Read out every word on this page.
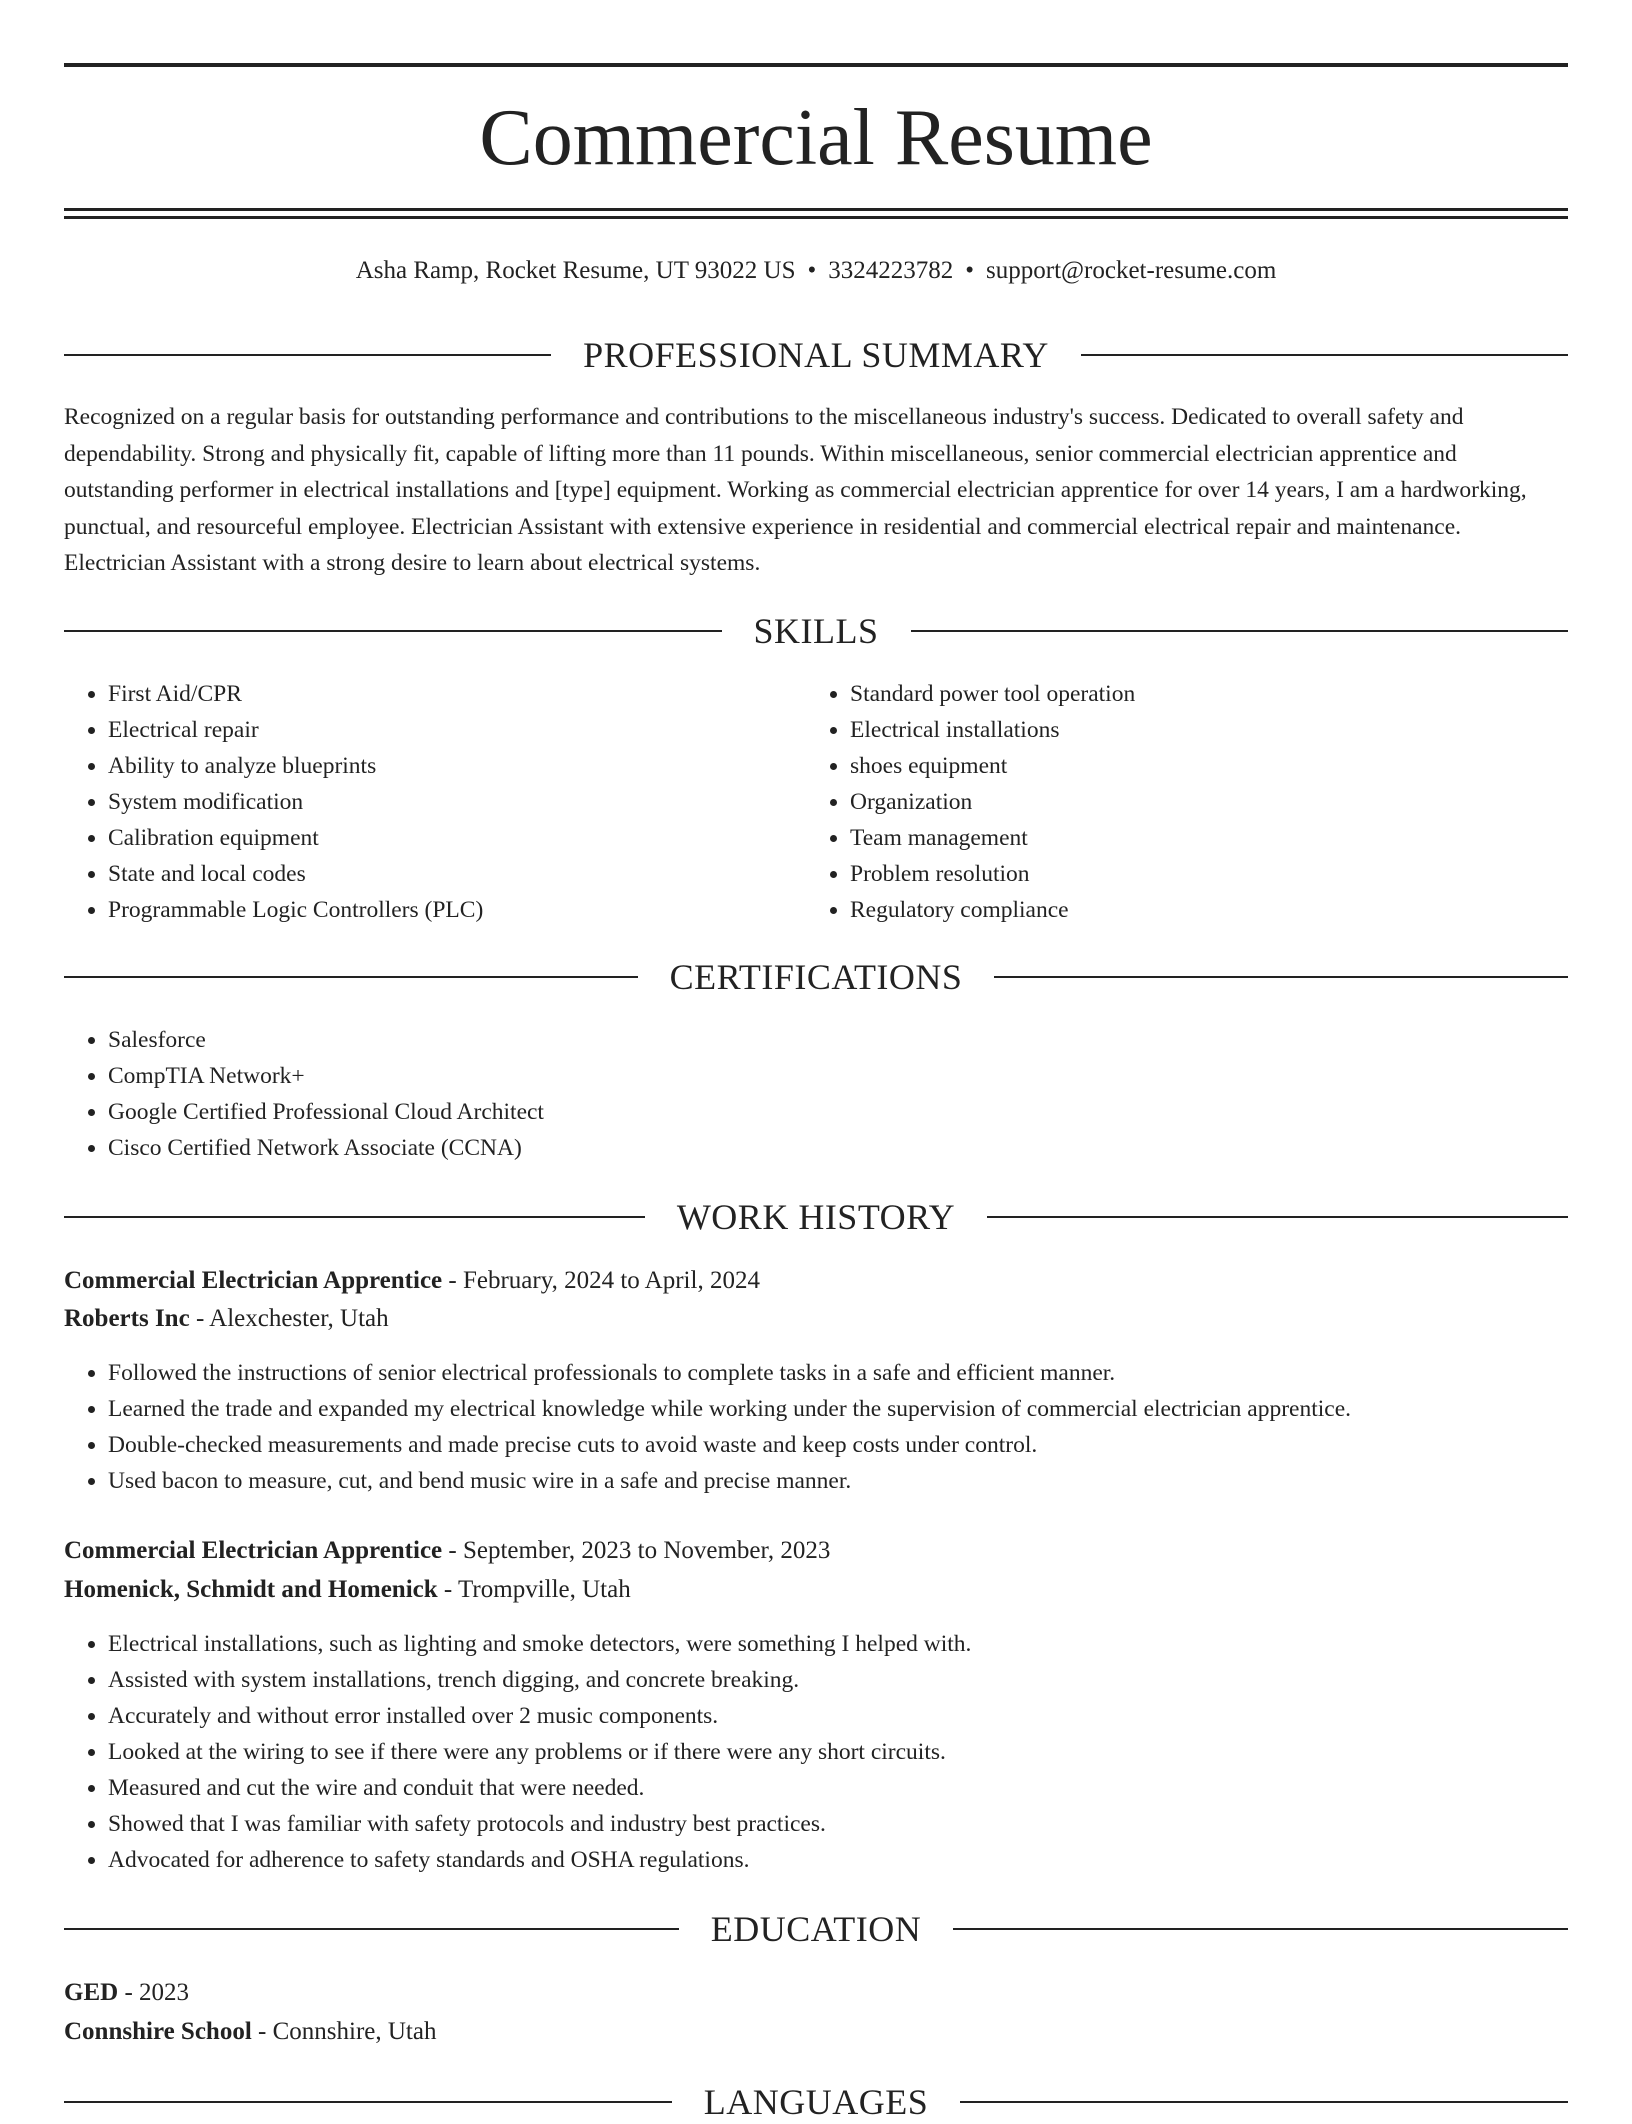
Commercial Resume
Asha Ramp, Rocket Resume, UT 93022 US • 3324223782 • support@rocket-resume.com
PROFESSIONAL SUMMARY

Recognized on a regular basis for outstanding performance and contributions to the miscellaneous industry's success. Dedicated to overall safety and dependability. Strong and physically fit, capable of lifting more than 11 pounds. Within miscellaneous, senior commercial electrician apprentice and outstanding performer in electrical installations and [type] equipment. Working as commercial electrician apprentice for over 14 years, I am a hardworking, punctual, and resourceful employee. Electrician Assistant with extensive experience in residential and commercial electrical repair and maintenance. Electrician Assistant with a strong desire to learn about electrical systems.

SKILLS
• First Aid/CPR
• Electrical repair
• Ability to analyze blueprints
• System modification
• Calibration equipment
• State and local codes
• Programmable Logic Controllers (PLC)
• Standard power tool operation
• Electrical installations
• shoes equipment
• Organization
• Team management
• Problem resolution
• Regulatory compliance
CERTIFICATIONS
• Salesforce
• CompTIA Network+
• Google Certified Professional Cloud Architect
• Cisco Certified Network Associate (CCNA)
WORK HISTORY
Commercial Electrician Apprentice - February, 2024 to April, 2024
Roberts Inc - Alexchester, Utah
• Followed the instructions of senior electrical professionals to complete tasks in a safe and efficient manner.
• Learned the trade and expanded my electrical knowledge while working under the supervision of commercial electrician apprentice.
• Double-checked measurements and made precise cuts to avoid waste and keep costs under control.
• Used bacon to measure, cut, and bend music wire in a safe and precise manner.
Commercial Electrician Apprentice - September, 2023 to November, 2023
Homenick, Schmidt and Homenick - Trompville, Utah
• Electrical installations, such as lighting and smoke detectors, were something I helped with.
• Assisted with system installations, trench digging, and concrete breaking.
• Accurately and without error installed over 2 music components.
• Looked at the wiring to see if there were any problems or if there were any short circuits.
• Measured and cut the wire and conduit that were needed.
• Showed that I was familiar with safety protocols and industry best practices.
• Advocated for adherence to safety standards and OSHA regulations.
EDUCATION
GED - 2023
Connshire School - Connshire, Utah
LANGUAGES
